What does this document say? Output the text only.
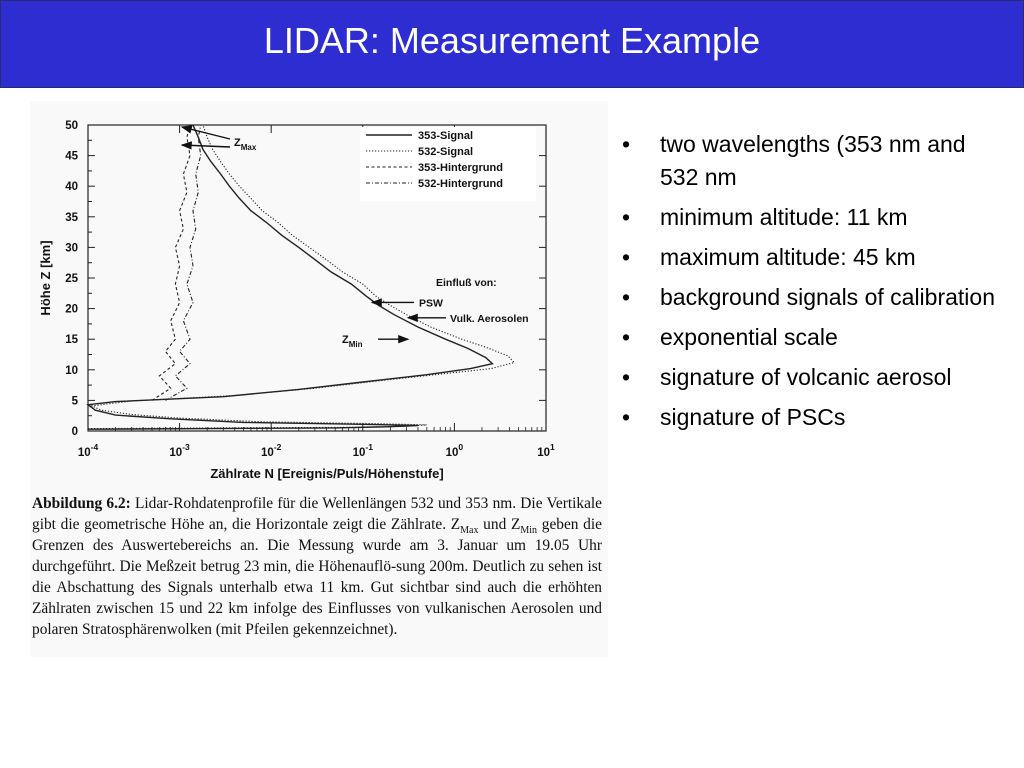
LIDAR: Measurement Example
0
5
10
15
20
25
30
35
40
45
50
$10^{-4}$	$10^{-3}$	$10^{-2}$	$10^{-1}$	$10^0$	$10^1$
Zählrate N [Ereignis/Puls/Höhenstufe]
Höhe Z [km]
353-Signal
532-Signal
353-Hintergrund
532-Hintergrund
Einfluß von:
PSW
Vulk. Aerosolen
$Z_{Min}$
$Z_{Max}$
Abbildung 6.2: Lidar-Rohdatenprofile für die Wellenlängen 532 und 353 nm. Die Vertikale gibt die geometrische Höhe an, die Horizontale zeigt die Zählrate. $Z_{Max}$ und $Z_{Min}$ geben die Grenzen des Auswertebereichs an. Die Messung wurde am 3. Januar um 19.05 Uhr durchgeführt. Die Meßzeit betrug 23 min, die Höhenauflö-sung 200m. Deutlich zu sehen ist die Abschattung des Signals unterhalb etwa 11 km. Gut sichtbar sind auch die erhöhten Zählraten zwischen 15 und 22 km infolge des Einflusses von vulkanischen Aerosolen und polaren Stratosphärenwolken (mit Pfeilen gekennzeichnet).
• two wavelengths (353 nm and 532 nm
• minimum altitude: 11 km
• maximum altitude: 45 km
• background signals of calibration
• exponential scale
• signature of volcanic aerosol
• signature of PSCs
